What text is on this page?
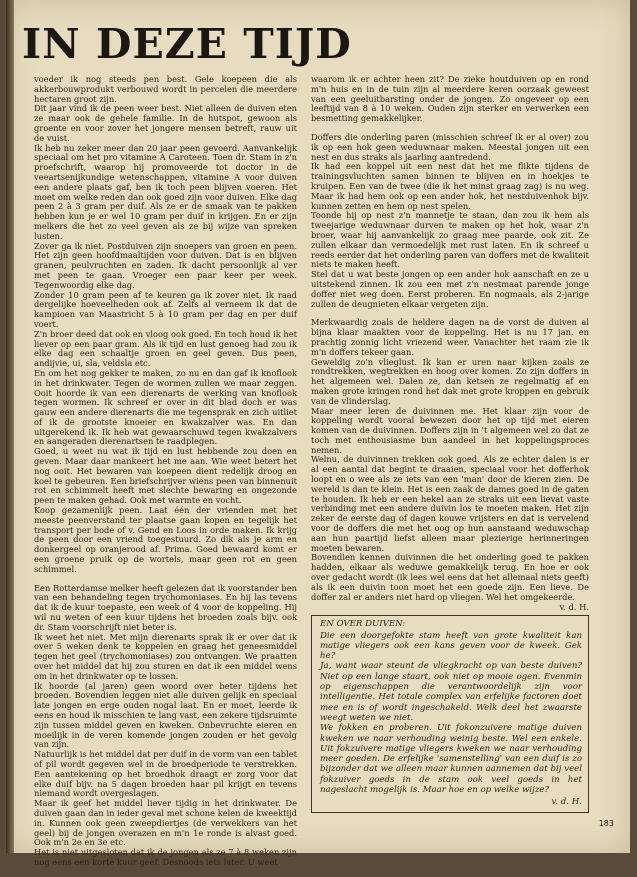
IN DEZE TIJD

voeder ik nog steeds pen best. Gele koepeen die als akkerbouwprodukt verbouwd wordt in percelen die meerdere hectaren groot zijn.
Dit jaar vind ik de peen weer best. Niet alleen de duiven eten ze maar ook de gehele familie. In de hutspot, gewoon als groente en voor zover het jongere mensen betreft, rauw uit de vuist.
Ik heb nu zeker meer dan 20 jaar peen gevoerd. Aanvankelijk speciaal om het pro vitamine A Caroteen. Toen dr. Stam in z'n proefschrift, waarop hij promoveerde tot doctor in de veeartsenijkundige wetenschappen, vitamine A voor duiven een andere plaats gaf, ben ik toch peen blijven voeren. Het moet om welke reden dan ook goed zijn voor duiven. Elke dag peen 2 à 3 gram per duif. Als ze er de smaak van te pakken hebben kun je er wel 10 gram per duif in krijgen. En er zijn melkers die het zo veel geven als ze bij wijze van spreken lusten.
Zover ga ik niet. Postduiven zijn snoepers van groen en peen. Het zijn geen hoofdmaaltijden voor duiven. Dat is en blijven granen, peulvruchten en zaden. Ik dacht persoonlijk al ver met peen te gaan. Vroeger een paar keer per week. Tegenwoordig elke dag.
Zonder 10 gram peen af te keuren ga ik zover niet. Ik raad dergelijke hoeveelheden ook af. Zelfs al verneem ik dat de kampioen van Maastricht 5 à 10 gram per dag en per duif voert.
Z'n broer deed dat ook en vloog ook goed. En toch houd ik het liever op een paar gram. Als ik tijd en lust genoeg had zou ik elke dag een schaaltje groen en geel geven. Dus peen, andijvie, ui, sla, veldsla etc.
En om het nog gekker te maken, zo nu en dan gaf ik knoflook in het drinkwater. Tegen de wormen zullen we maar zeggen. Ooit hoorde ik van een dierenarts de werking van knoflook tegen wormen. Ik schreef er over in dit blad doch er was gauw een andere dierenarts die me tegensprak en zich uitliet of ik de grootste knoeier en kwakzalver was. En dan uitgerekend ik. Ik heb wat gewaarschuwd tegen kwakzalvers en aangeraden dierenartsen te raadplegen.
Goed, u weet nu wat ik tijd en lust hebbende zou doen en geven. Maar daar mankeert het me aan. Wie weet betert het nog ooit. Het bewaren van koepeen dient redelijk droog en koel te gebeuren. Een briefschrijver wiens peen van binnenuit rot en schimmelt heeft met slechte bewaring en ongezonde peen te maken gehad. Ook met warmte en vocht.
Koop gezamenlijk peen. Laat één der vrienden met het meeste peenverstand ter plaatse gaan kopen en tegelijk het transport per bode of v. Gend en Loos in orde maken. Ik krijg de peen door een vriend toegestuurd. Zo dik als je arm en donkergeel op oranjerood af. Prima. Goed bewaard komt er een groene pruik op de wortels, maar geen rot en geen schimmel.

Een Rotterdamse melker heeft gelezen dat ik voorstander ben van een behandeling tegen trychomoniases. En hij las tevens dat ik de kuur toepaste, een week of 4 voor de koppeling. Hij wil nu weten of een kuur tijdens het broeden zoals bijv. ook dr. Stam voorschrijft niet beter is.
Ik weet het niet. Met mijn dierenarts sprak ik er over dat ik over 5 weken denk te koppelen en graag het geneesmiddel tegen het geel (trychomoniases) zou ontvangen. We praatten over het middel dat hij zou sturen en dat ik een middel wens om in het drinkwater op te lossen.
Ik hoorde (al jaren) geen woord over beter tijdens het broeden. Bovendien leggen niet alle duiven gelijk en speciaal late jongen en erge ouden nogal laat. En er moet, leerde ik eens en houd ik misschien te lang vast, een zekere tijdsruimte zijn tussen middel geven en kweken. Onbevruchte eieren en moeilijk in de veren komende jongen zouden er het gevolg van zijn.
Natuurlijk is het middel dat per duif in de vorm van een tablet of pil wordt gegeven wel in de broedperiode te verstrekken. Een aantekening op het broedhok draagt er zorg voor dat elke duif bijv. na 5 dagen broeden haar pil krijgt en tevens niemand wordt overgeslagen.
Maar ik geef het middel liever tijdig in het drinkwater. De duiven gaan dan in ieder geval met schone kelen de kweektijd in. Kunnen ook geen zweepdiertjes (de verwekkers van het geel) bij de jongen overazen en m'n 1e ronde is alvast goed. Ook m'n 2e en 3e etc.
Het is niet uitgesloten dat ik de jongen als ze 7 à 8 weken zijn nog eens een korte kuur geef. Desnoods iets later. U weet

waarom ik er achter heen zit? De zieke houtduiven op en rond m'n huis en in de tuin zijn al meerdere keren oorzaak geweest van een geeluitbarsting onder de jongen. Zo ongeveer op een leeftijd van 8 à 10 weken. Ouden zijn sterker en verwerken een besmetting gemakkelijker.

Doffers die onderling paren (misschien schreef ik er al over) zou ik op een hok geen weduwnaar maken. Meestal jongen uit een nest en dus straks als jaarling aantredend.
Ik had een koppel uit een nest dat het me flikte tijdens de trainingsvluchten samen binnen te blijven en in hoekjes te kruipen. Een van de twee (die ik het minst graag zag) is nu weg. Maar ik had hem ook op een ander hok, het nestduivenhok bijv. kunnen zetten en hem op nest spelen.
Toonde hij op nest z'n mannetje te staan, dan zou ik hem als tweejarige weduwnaar durven te maken op het hok, waar z'n broer, waar hij aanvankelijk zo graag mee paarde, ook zit. Ze zullen elkaar dan vermoedelijk met rust laten. En ik schreef u reeds eerder dat het onderling paren van doffers met de kwaliteit niets te maken heeft.
Stel dat u wat beste jongen op een ander hok aanschaft en ze u uitstekend zinnen. Ik zou een met z'n nestmaat parende jonge doffer niet weg doen. Eerst proberen. En nogmaals, als 2-jarige zullen de deugnieten elkaar vergeten zijn.

Merkwaardig zoals de heldere dagen na de vorst de duiven al bijna klaar maakten voor de koppeling. Het is nu 17 jan. en prachtig zonnig licht vriezend weer. Vanachter het raam zie ik m'n doffers tekeer gaan.
Geweldig zo'n vlieglust. Ik kan er uren naar kijken zoals ze rondtrekken, wegtrekken en hoog over komen. Zo zijn doffers in het algemeen wel. Dalen ze, dan ketsen ze regelmatig af en maken grote kringen rond het dak met grote kroppen en gebruik van de vlinderslag.
Maar meer leren de duivinnen me. Het klaar zijn voor de koppeling wordt vooral bewezen door het op tijd met eieren komen van de duivinnen. Doffers zijn in 't algemeen wel zo dat ze toch met enthousiasme bun aandeel in het koppelingsproces nemen.
Welnu, de duivinnen trekken ook goed. Als ze echter dalen is er al een aantal dat begint te draaien, speciaal voor het dofferhok loopt en o wee als ze iets van een 'man' door de kieren zien. De wereld is dan te klein. Het is een zaak de dames goed in de gaten te houden. Ik heb er een hekel aan ze straks uit een lievat vaste verbinding met een andere duivin los te moeten maken. Het zijn zeker de eerste dag of dagen kouwe vrijsters en dat is vervelend voor de doffers die met het oog op hun aanstaand weduwschap aan hun paartijd liefst alleen maar plezierige herinneringen moeten bewaren.
Bovendien kennen duivinnen die het onderling goed te pakken hadden, elkaar als weduwe gemakkelijk terug. En hoe er ook over gedacht wordt (ik lees wel eens dat het allemaal niets geeft) als ik een duivin toon moet het een goede zijn. Een lieve. De doffer zal er anders niet hard op vliegen. Wel het omgekeerde.

v. d. H.
EN OVER DUIVEN:

Die een doorgefokte stam heeft van grote kwaliteit kan matige vliegers ook een kans geven voor de kweek. Gek he?
Ja, want waar steunt de vliegkracht op van beste duiven? Niet op een lange staart, ook niet op mooie ogen. Evenmin op eigenschappen die verantwoordelijk zijn voor intelligentie. Het totale complex van erfelijke factoren doet mee en is of wordt ingeschakeld. Welk deel het zwaarste weegt weten we niet.
We fokken en proberen. Uit fokonzuivere matige duiven kweken we naar verhouding weinig beste. Wel een enkele. Uit fokzuivere matige vliegers kweken we naar verhouding meer goeden. De erfelijke 'samenstelling' van een duif is zo bijzonder dat we alleen maar kunnen aannemen dat bij veel fokzuiver goeds in de stam ook veel goeds in het nageslacht mogelijk is. Maar hoe en op welke wijze?

v. d. H.
183
